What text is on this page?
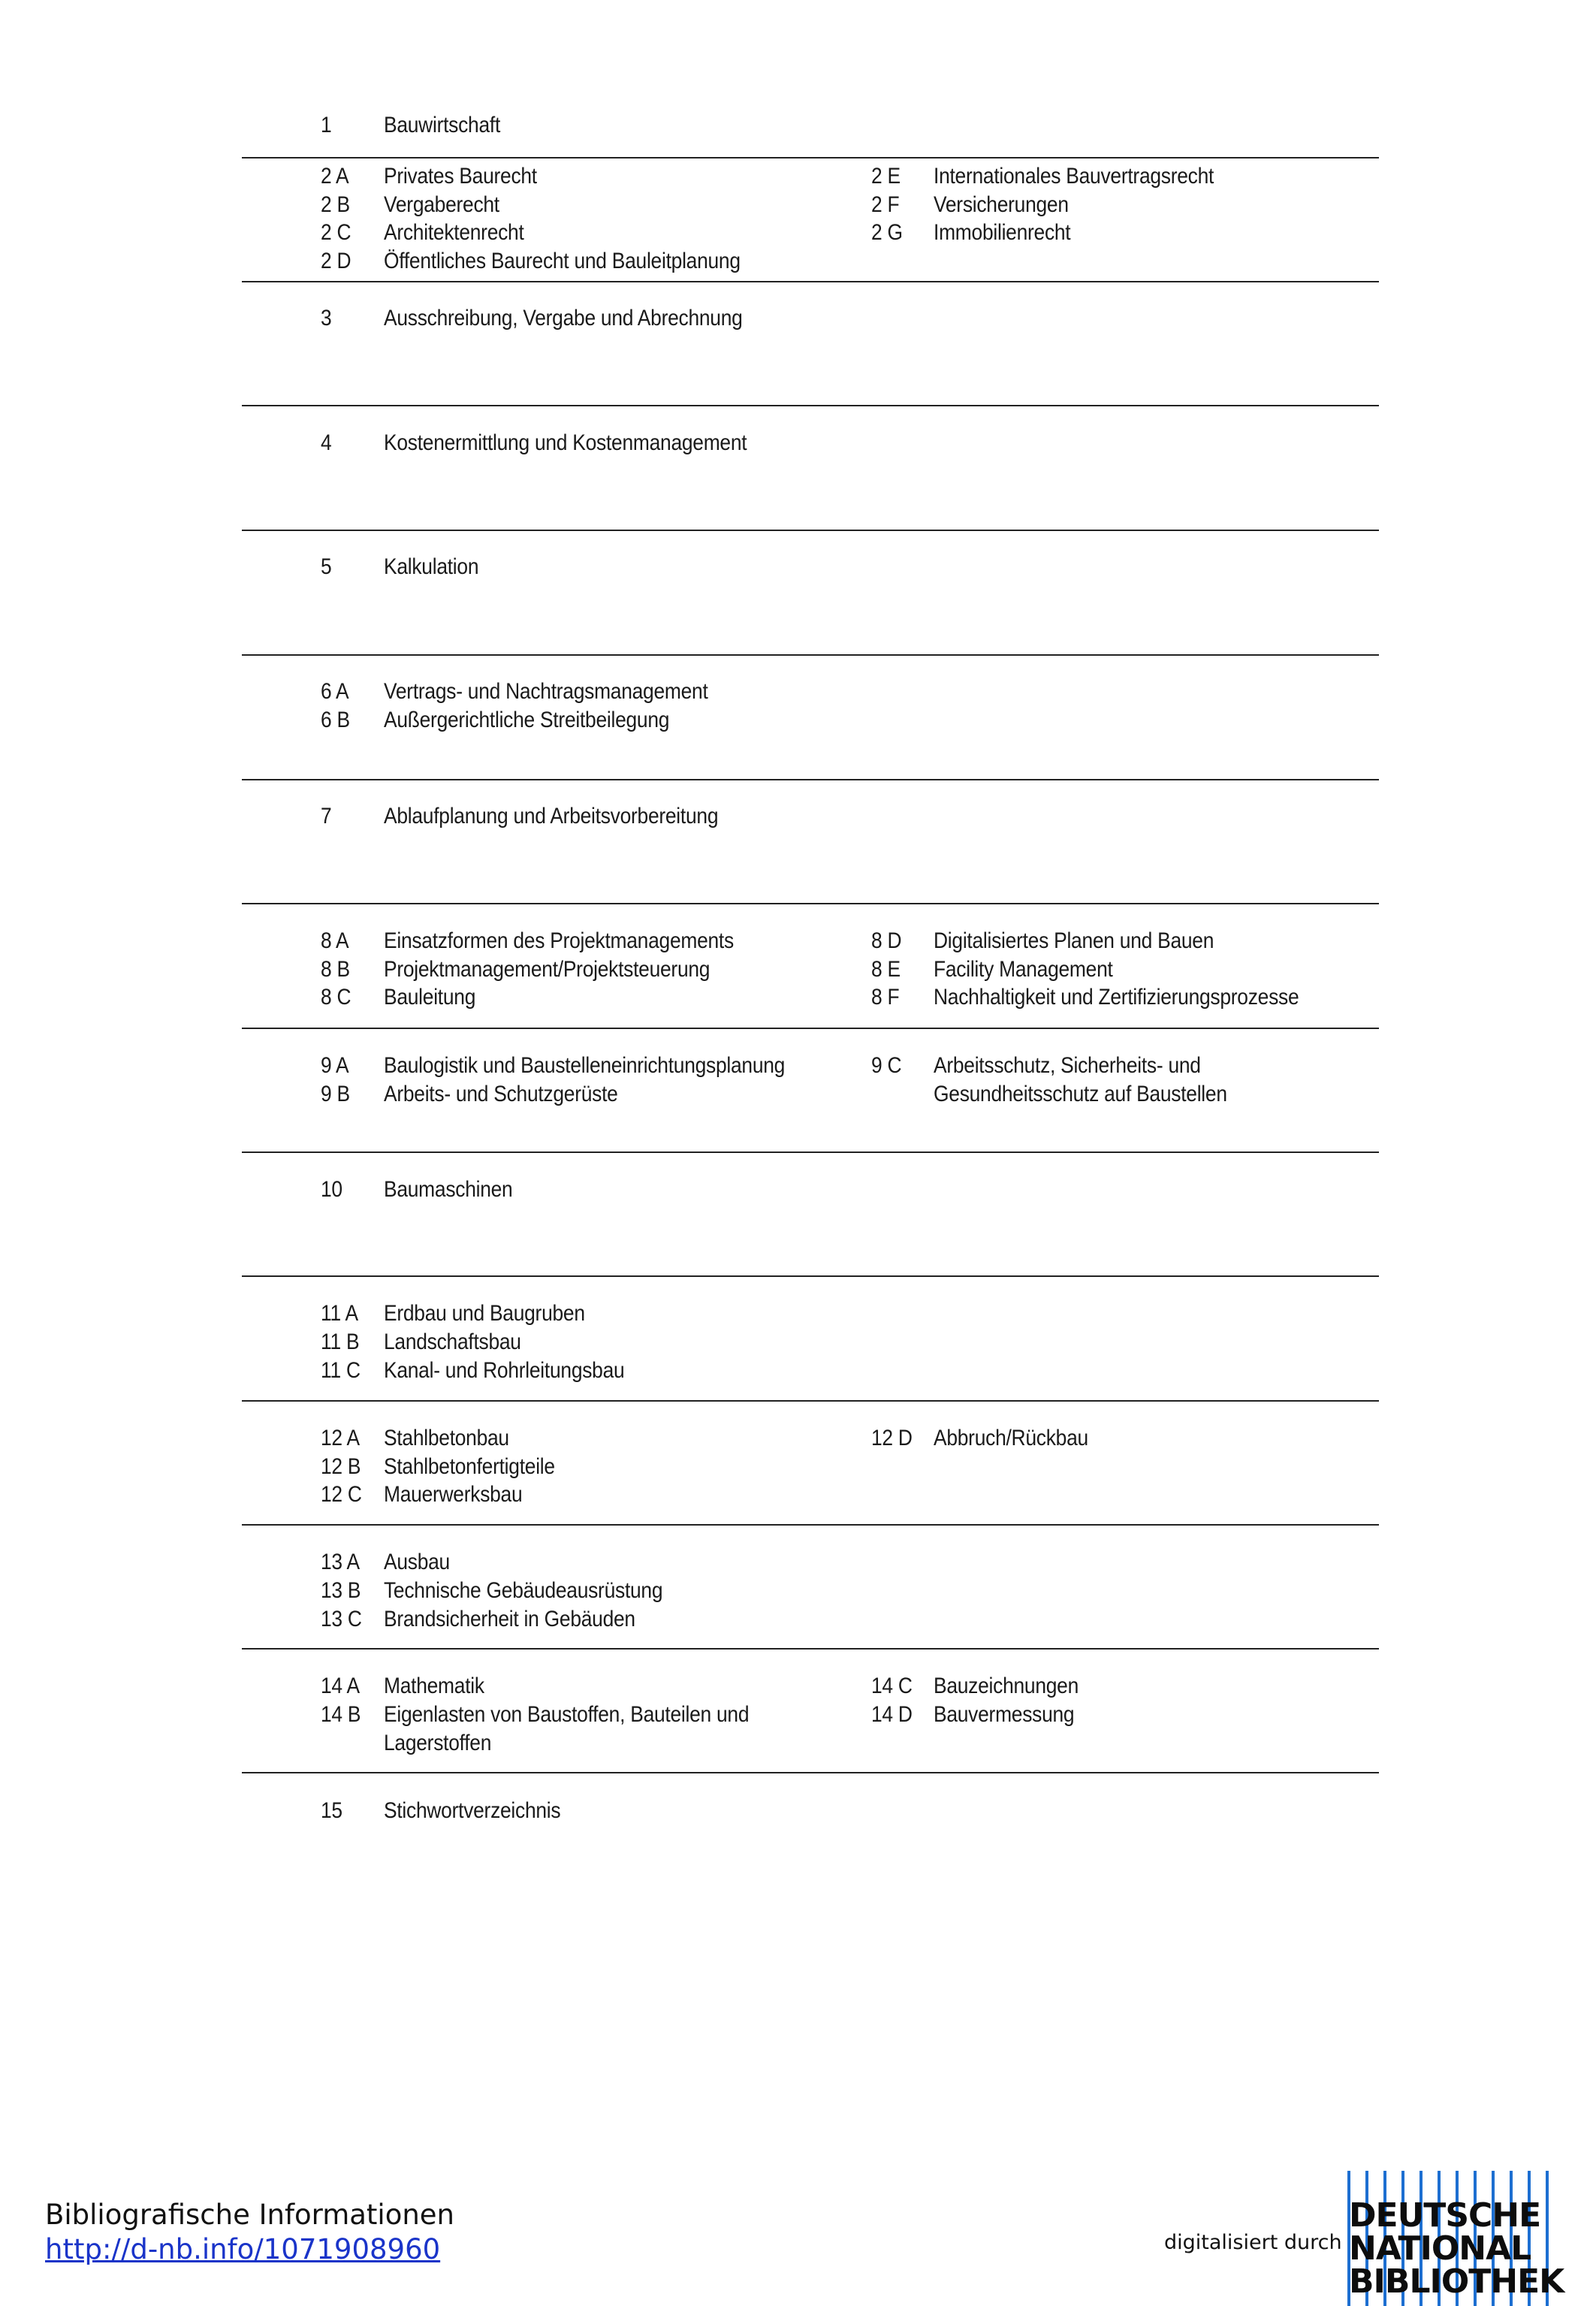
1	Bauwirtschaft
2 A	Privates Baurecht
2 B	Vergaberecht
2 C	Architektenrecht
2 D	Öffentliches Baurecht und Bauleitplanung
2 E	Internationales Bauvertragsrecht
2 F	Versicherungen
2 G	Immobilienrecht
3	Ausschreibung, Vergabe und Abrechnung
4	Kostenermittlung und Kostenmanagement
5	Kalkulation
6 A	Vertrags- und Nachtragsmanagement
6 B	Außergerichtliche Streitbeilegung
7	Ablaufplanung und Arbeitsvorbereitung
8 A	Einsatzformen des Projektmanagements
8 B	Projektmanagement/Projektsteuerung
8 C	Bauleitung
8 D	Digitalisiertes Planen und Bauen
8 E	Facility Management
8 F	Nachhaltigkeit und Zertifizierungsprozesse
9 A	Baulogistik und Baustelleneinrichtungsplanung
9 B	Arbeits- und Schutzgerüste
9 C	Arbeitsschutz, Sicherheits- und Gesundheitsschutz auf Baustellen
10	Baumaschinen
11 A Erdbau und Baugruben
11 B Landschaftsbau
11 C Kanal- und Rohrleitungsbau
12 A Stahlbetonbau
12 B Stahlbetonfertigteile
12 C Mauerwerksbau
12 D Abbruch/Rückbau
13 A Ausbau
13 B Technische Gebäudeausrüstung
13 C Brandsicherheit in Gebäuden
14 A Mathematik
14 B Eigenlasten von Baustoffen, Bauteilen und Lagerstoffen
14 C Bauzeichnungen
14 D Bauvermessung
15	Stichwortverzeichnis
Bibliografische Informationen
http://d-nb.info/1071908960	digitalisiert durch
DEUTSCHE
NATIONAL
BIBLIOTHEK
